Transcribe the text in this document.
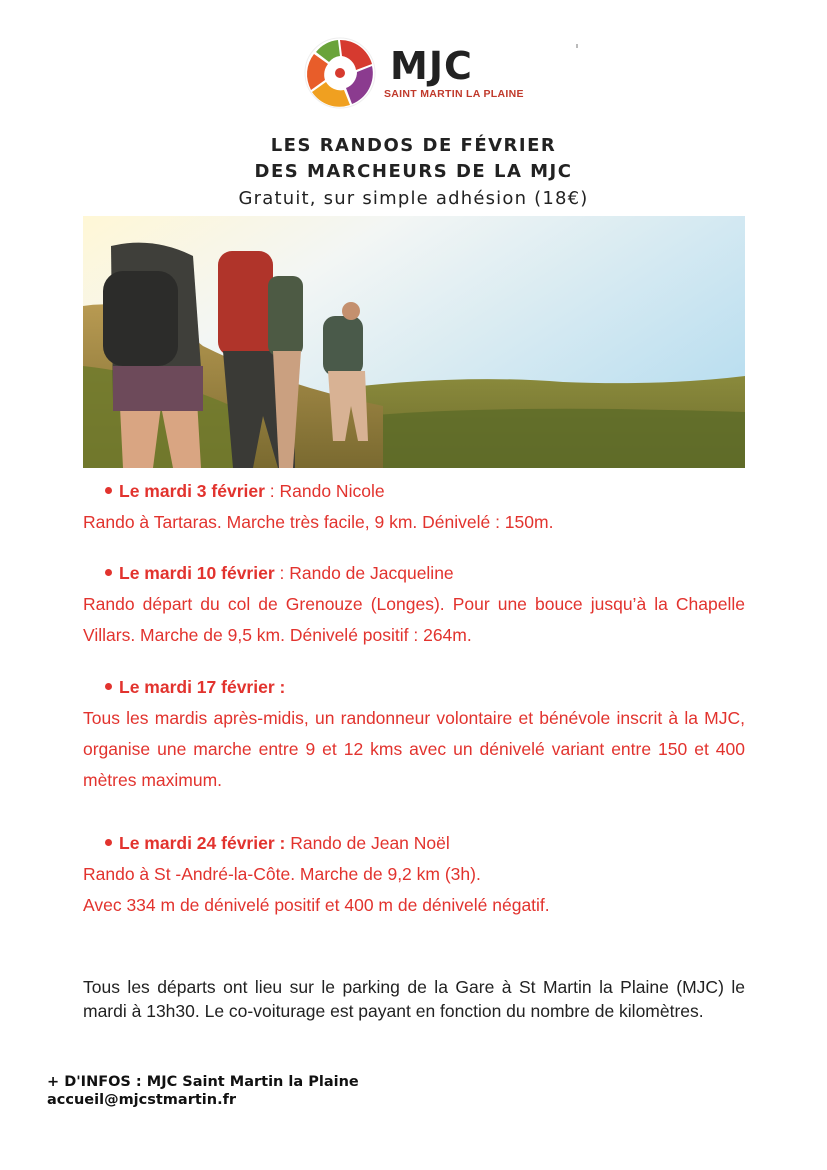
MJC
SAINT MARTIN LA PLAINE
LES RANDOS DE FÉVRIER
DES MARCHEURS DE LA MJC
Gratuit, sur simple adhésion (18€)

Le mardi 3 février : Rando Nicole

Rando à Tartaras. Marche très facile, 9 km. Dénivelé : 150m.

Le mardi 10 février : Rando de Jacqueline

Rando départ du col de Grenouze (Longes). Pour une bouce jusqu’à la Chapelle Villars. Marche de 9,5 km. Dénivelé positif : 264m.

Le mardi 17 février :

Tous les mardis après-midis, un randonneur volontaire et bénévole inscrit à la MJC, organise une marche entre 9 et 12 kms avec un dénivelé variant entre 150 et 400 mètres maximum.

Le mardi 24 février : Rando de Jean Noël

Rando à St -André-la-Côte. Marche de 9,2 km (3h).

Avec 334 m de dénivelé positif et 400 m de dénivelé négatif.

Tous les départs ont lieu sur le parking de la Gare à St Martin la Plaine (MJC) le mardi à 13h30. Le co-voiturage est payant en fonction du nombre de kilomètres.
+ D'INFOS : MJC Saint Martin la Plaine
accueil@mjcstmartin.fr
